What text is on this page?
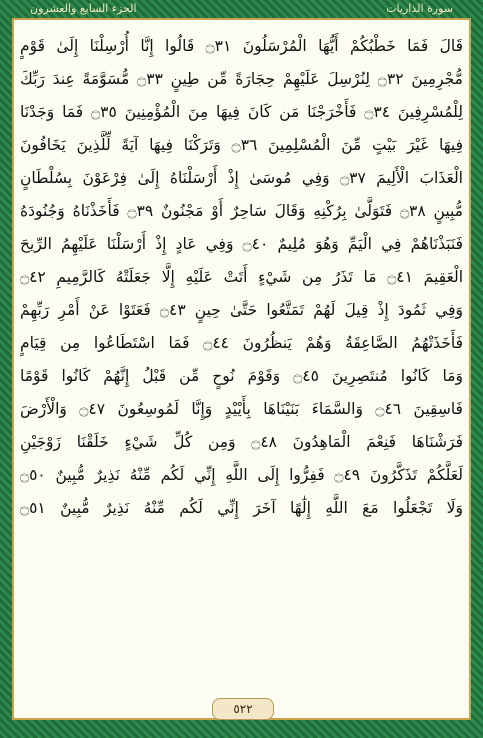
الجزء السابع والعشرون	سورة الذاريات
قَالَ فَمَا خَطْبُكُمْ أَيُّهَا الْمُرْسَلُونَ ۝٣١ قَالُوا إِنَّا أُرْسِلْنَا إِلَىٰ قَوْمٍ
مُّجْرِمِينَ ۝٣٢ لِنُرْسِلَ عَلَيْهِمْ حِجَارَةً مِّن طِينٍ ۝٣٣ مُّسَوَّمَةً عِندَ رَبِّكَ
لِلْمُسْرِفِينَ ۝٣٤ فَأَخْرَجْنَا مَن كَانَ فِيهَا مِنَ الْمُؤْمِنِينَ ۝٣٥ فَمَا وَجَدْنَا
فِيهَا غَيْرَ بَيْتٍ مِّنَ الْمُسْلِمِينَ ۝٣٦ وَتَرَكْنَا فِيهَا آيَةً لِّلَّذِينَ يَخَافُونَ
الْعَذَابَ الْأَلِيمَ ۝٣٧ وَفِي مُوسَىٰ إِذْ أَرْسَلْنَاهُ إِلَىٰ فِرْعَوْنَ بِسُلْطَانٍ
مُّبِينٍ ۝٣٨ فَتَوَلَّىٰ بِرُكْنِهِ وَقَالَ سَاحِرٌ أَوْ مَجْنُونٌ ۝٣٩ فَأَخَذْنَاهُ وَجُنُودَهُ
فَنَبَذْنَاهُمْ فِي الْيَمِّ وَهُوَ مُلِيمٌ ۝٤٠ وَفِي عَادٍ إِذْ أَرْسَلْنَا عَلَيْهِمُ الرِّيحَ
الْعَقِيمَ ۝٤١ مَا تَذَرُ مِن شَيْءٍ أَتَتْ عَلَيْهِ إِلَّا جَعَلَتْهُ كَالرَّمِيمِ ۝٤٢
وَفِي ثَمُودَ إِذْ قِيلَ لَهُمْ تَمَتَّعُوا حَتَّىٰ حِينٍ ۝٤٣ فَعَتَوْا عَنْ أَمْرِ رَبِّهِمْ
فَأَخَذَتْهُمُ الصَّاعِقَةُ وَهُمْ يَنظُرُونَ ۝٤٤ فَمَا اسْتَطَاعُوا مِن قِيَامٍ
وَمَا كَانُوا مُنتَصِرِينَ ۝٤٥ وَقَوْمَ نُوحٍ مِّن قَبْلُ إِنَّهُمْ كَانُوا قَوْمًا
فَاسِقِينَ ۝٤٦ وَالسَّمَاءَ بَنَيْنَاهَا بِأَيْيْدٍ وَإِنَّا لَمُوسِعُونَ ۝٤٧ وَالْأَرْضَ
فَرَشْنَاهَا فَنِعْمَ الْمَاهِدُونَ ۝٤٨ وَمِن كُلِّ شَيْءٍ خَلَقْنَا زَوْجَيْنِ
لَعَلَّكُمْ تَذَكَّرُونَ ۝٤٩ فَفِرُّوا إِلَى اللَّهِ إِنِّي لَكُم مِّنْهُ نَذِيرٌ مُّبِينٌ ۝٥٠
وَلَا تَجْعَلُوا مَعَ اللَّهِ إِلَٰهًا آخَرَ إِنِّي لَكُم مِّنْهُ نَذِيرٌ مُّبِينٌ ۝٥١
٥٢٢
